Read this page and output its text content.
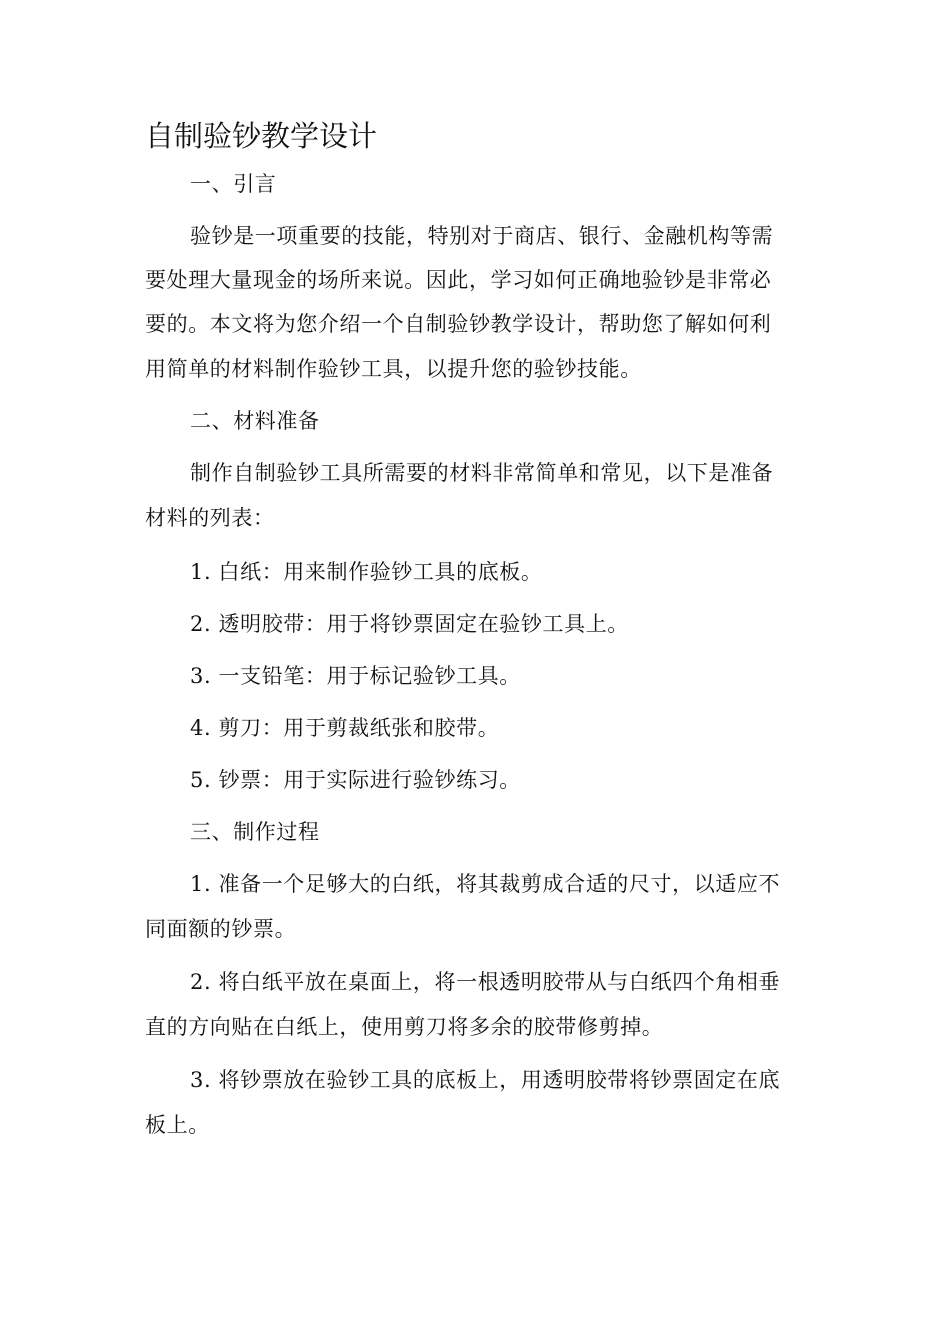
自制验钞教学设计
一、引言
验钞是一项重要的技能，特别对于商店、银行、金融机构等需
要处理大量现金的场所来说。因此，学习如何正确地验钞是非常必
要的。本文将为您介绍一个自制验钞教学设计，帮助您了解如何利
用简单的材料制作验钞工具，以提升您的验钞技能。
二、材料准备
制作自制验钞工具所需要的材料非常简单和常见，以下是准备
材料的列表：
1. 白纸：用来制作验钞工具的底板。
2. 透明胶带：用于将钞票固定在验钞工具上。
3. 一支铅笔：用于标记验钞工具。
4. 剪刀：用于剪裁纸张和胶带。
5. 钞票：用于实际进行验钞练习。
三、制作过程
1. 准备一个足够大的白纸，将其裁剪成合适的尺寸，以适应不
同面额的钞票。
2. 将白纸平放在桌面上，将一根透明胶带从与白纸四个角相垂
直的方向贴在白纸上，使用剪刀将多余的胶带修剪掉。
3. 将钞票放在验钞工具的底板上，用透明胶带将钞票固定在底
板上。
